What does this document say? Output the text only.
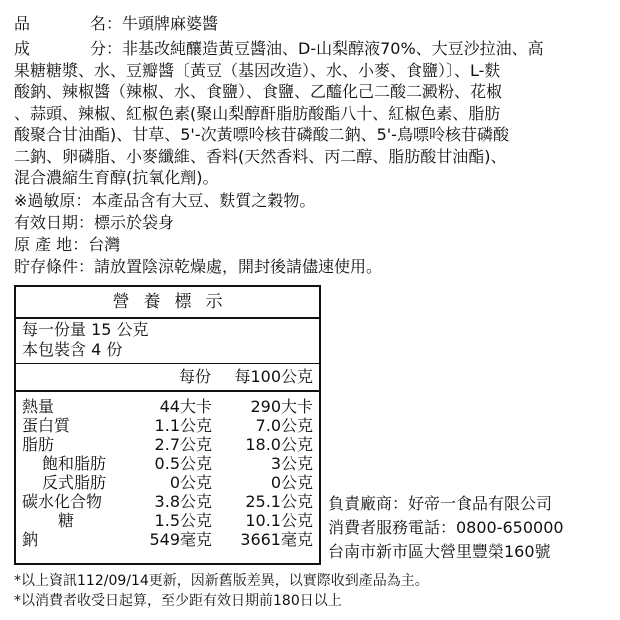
品　　名：牛頭牌麻婆醬
成　　分：非基改純釀造黃豆醬油、D-山梨醇液70%、大豆沙拉油、高
果糖糖漿、水、豆瓣醬〔黃豆（基因改造）、水、小麥、食鹽）〕、L-麩
酸鈉、辣椒醬（辣椒、水、食鹽）、食鹽、乙醯化己二酸二澱粉、花椒
、蒜頭、辣椒、紅椒色素(聚山梨醇酐脂肪酸酯八十、紅椒色素、脂肪
酸聚合甘油酯)、甘草、5'-次黃嘌呤核苷磷酸二鈉、5'-鳥嘌呤核苷磷酸
二鈉、卵磷脂、小麥纖維、香料(天然香料、丙二醇、脂肪酸甘油酯)、
混合濃縮生育醇(抗氧化劑)。
※過敏原：本產品含有大豆、麩質之穀物。
有效日期：標示於袋身
原 產 地：台灣
貯存條件：請放置陰涼乾燥處，開封後請儘速使用。
營養標示
每一份量 15 公克
本包裝含 4 份
每份 每100公克
熱量	44大卡 290大卡
蛋白質	1.1公克	7.0公克
脂肪	2.7公克 18.0公克
飽和脂肪	0.5公克	3公克
反式脂肪	0公克	0公克
碳水化合物	3.8公克 25.1公克
糖	1.5公克 10.1公克
鈉	549毫克 3661毫克
負責廠商：好帝一食品有限公司
消費者服務電話：0800-650000
台南市新市區大營里豐榮160號
*以上資訊112/09/14更新，因新舊版差異，以實際收到產品為主。
*以消費者收受日起算，至少距有效日期前180日以上
